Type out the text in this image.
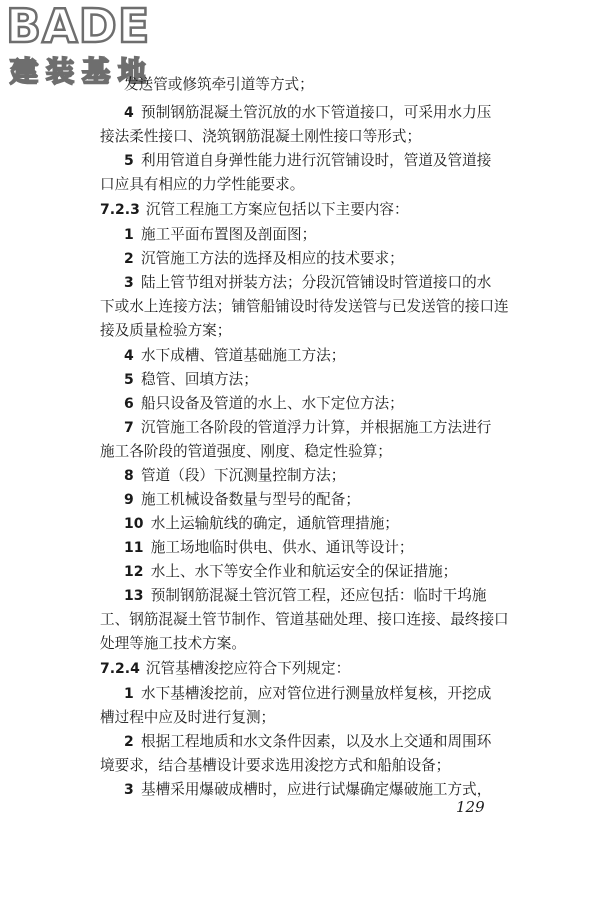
BADE
建装基地
发送管或修筑牵引道等方式；
4  预制钢筋混凝土管沉放的水下管道接口，可采用水力压
接法柔性接口、浇筑钢筋混凝土刚性接口等形式；
5  利用管道自身弹性能力进行沉管铺设时，管道及管道接
口应具有相应的力学性能要求。
7.2.3 沉管工程施工方案应包括以下主要内容：
1  施工平面布置图及剖面图；
2  沉管施工方法的选择及相应的技术要求；
3  陆上管节组对拼装方法；分段沉管铺设时管道接口的水
下或水上连接方法；铺管船铺设时待发送管与已发送管的接口连
接及质量检验方案；
4  水下成槽、管道基础施工方法；
5  稳管、回填方法；
6  船只设备及管道的水上、水下定位方法；
7  沉管施工各阶段的管道浮力计算，并根据施工方法进行
施工各阶段的管道强度、刚度、稳定性验算；
8  管道（段）下沉测量控制方法；
9  施工机械设备数量与型号的配备；
10  水上运输航线的确定，通航管理措施；
11  施工场地临时供电、供水、通讯等设计；
12  水上、水下等安全作业和航运安全的保证措施；
13  预制钢筋混凝土管沉管工程，还应包括：临时干坞施
工、钢筋混凝土管节制作、管道基础处理、接口连接、最终接口
处理等施工技术方案。
7.2.4 沉管基槽浚挖应符合下列规定：
1  水下基槽浚挖前，应对管位进行测量放样复核，开挖成
槽过程中应及时进行复测；
2  根据工程地质和水文条件因素，以及水上交通和周围环
境要求，结合基槽设计要求选用浚挖方式和船舶设备；
3  基槽采用爆破成槽时，应进行试爆确定爆破施工方式，
129
